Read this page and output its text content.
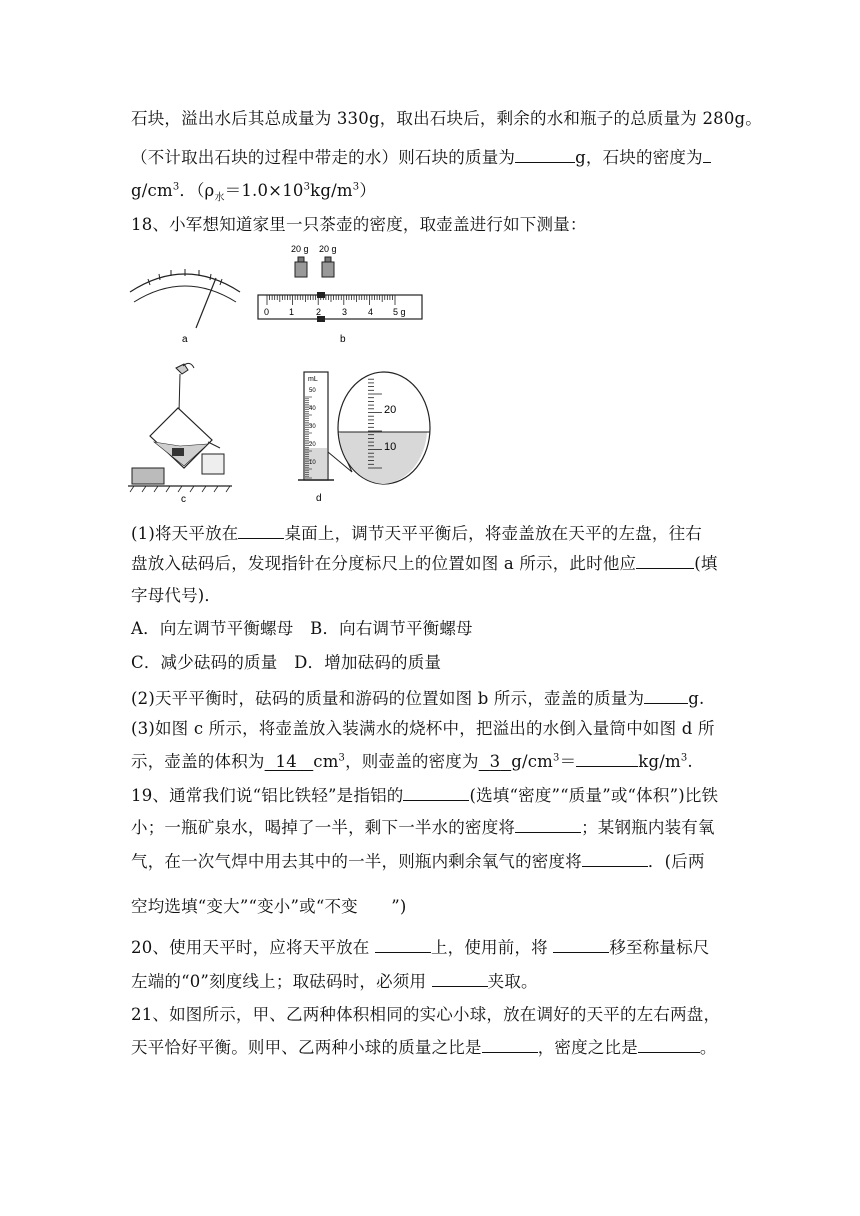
石块，溢出水后其总成量为 330g，取出石块后，剩余的水和瓶子的总质量为 280g。
（不计取出石块的过程中带走的水）则石块的质量为	g，石块的密度为
$g/cm^3$．$(\rho_水=1.0\times 10^3kg/m^3)$
18、小军想知道家里一只茶壶的密度，取壶盖进行如下测量：
a
20 g 20 g
0 1 2 3 4 5 g
b
c
mL
50
40
30
20
10
20
10
d
(1)将天平放在	桌面上，调节天平平衡后，将壶盖放在天平的左盘，往右
盘放入砝码后，发现指针在分度标尺上的位置如图 a 所示，此时他应	(填
字母代号)．
A．向左调节平衡螺母　B．向右调节平衡螺母
C．减少砝码的质量　D．增加砝码的质量
(2)天平平衡时，砝码的质量和游码的位置如图 b 所示，壶盖的质量为	g.
(3)如图 c 所示，将壶盖放入装满水的烧杯中，把溢出的水倒入量筒中如图 d 所
示，壶盖的体积为 14 $cm^3$，则壶盖的密度为 3 $g/cm^3=$	$kg/m^3$.
19、通常我们说“铝比铁轻”是指铝的	(选填“密度”“质量”或“体积”)比铁
小；一瓶矿泉水，喝掉了一半，剩下一半水的密度将	；某钢瓶内装有氧
气，在一次气焊中用去其中的一半，则瓶内剩余氧气的密度将	．(后两
空均选填“变大”“变小”或“不变　　”)
20、使用天平时，应将天平放在	上，使用前，将	移至称量标尺
左端的“0”刻度线上；取砝码时，必须用	夹取。
21、如图所示，甲、乙两种体积相同的实心小球，放在调好的天平的左右两盘，
天平恰好平衡。则甲、乙两种小球的质量之比是	，密度之比是	。
